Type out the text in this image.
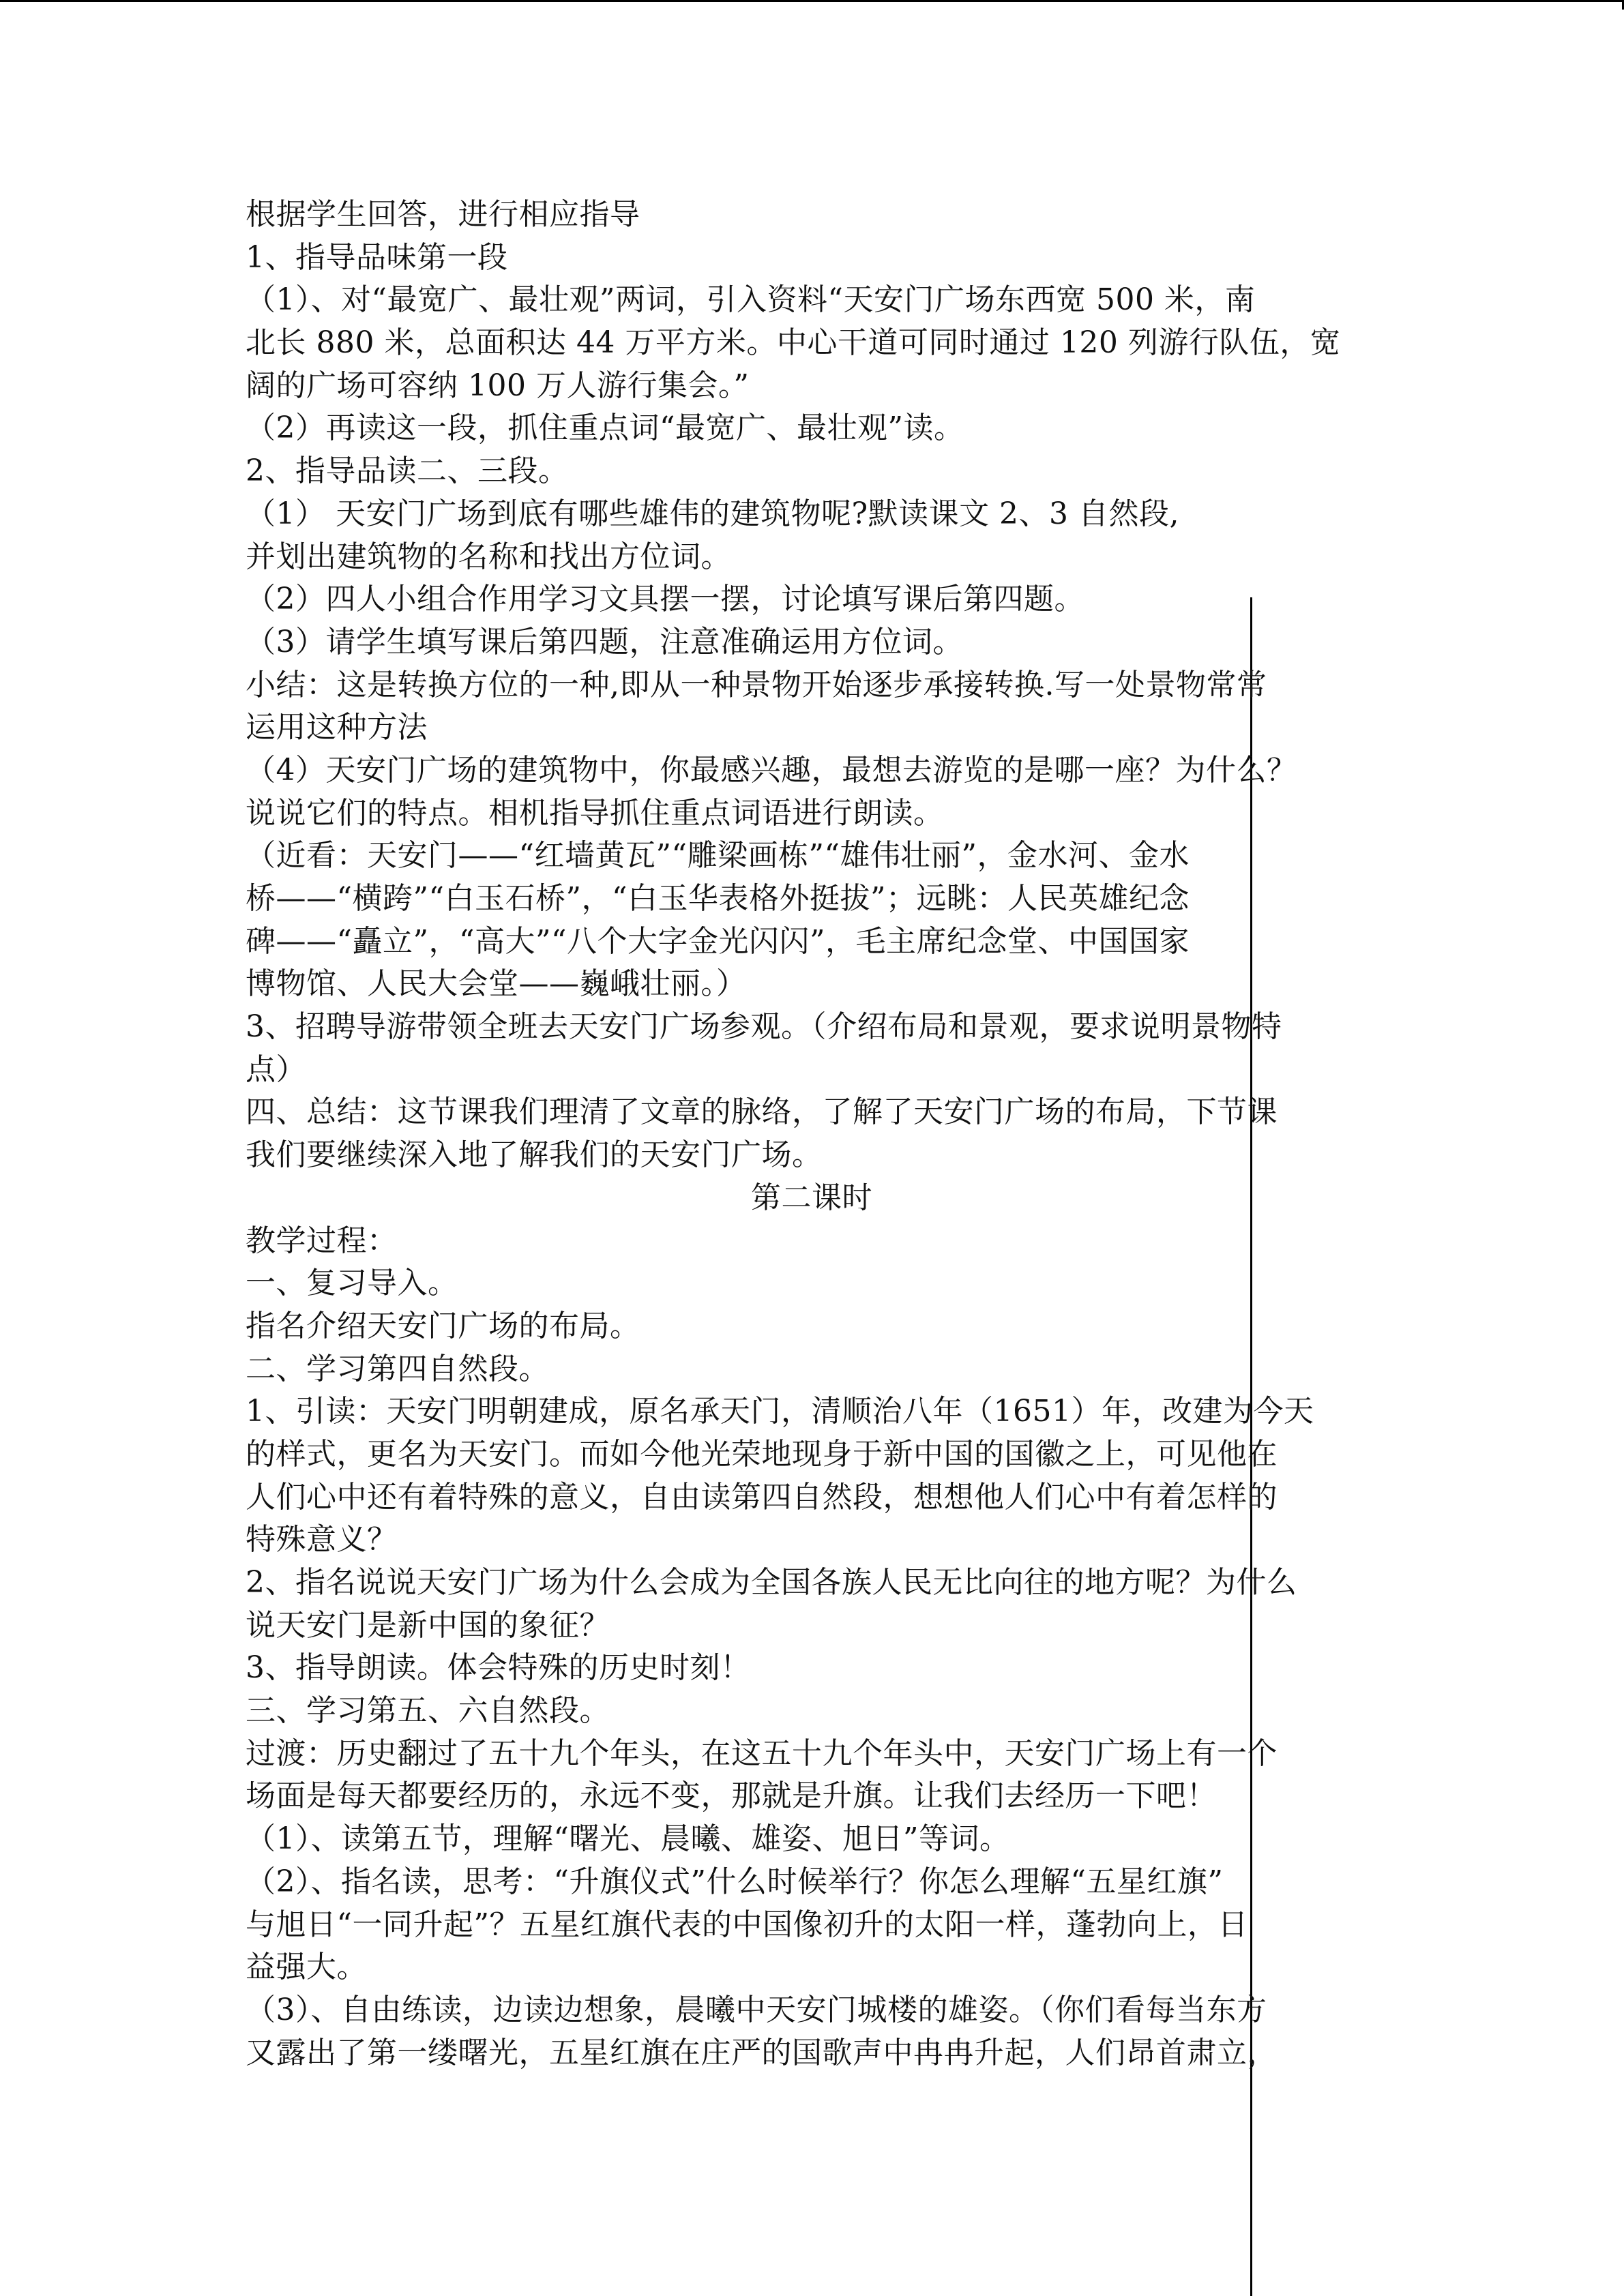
根据学生回答，进行相应指导
1、指导品味第一段
（1）、对“最宽广、最壮观”两词，引入资料“天安门广场东西宽 500 米，南
北长 880 米，总面积达 44 万平方米。中心干道可同时通过 120 列游行队伍，宽
阔的广场可容纳 100 万人游行集会。”
（2）再读这一段，抓住重点词“最宽广、最壮观”读。
2、指导品读二、三段。
（1） 天安门广场到底有哪些雄伟的建筑物呢?默读课文 2、3 自然段,
并划出建筑物的名称和找出方位词。
（2）四人小组合作用学习文具摆一摆，讨论填写课后第四题。
（3）请学生填写课后第四题，注意准确运用方位词。
小结：这是转换方位的一种,即从一种景物开始逐步承接转换.写一处景物常常
运用这种方法
（4）天安门广场的建筑物中，你最感兴趣，最想去游览的是哪一座？为什么？
说说它们的特点。相机指导抓住重点词语进行朗读。
（近看：天安门——“红墙黄瓦”“雕梁画栋”“雄伟壮丽”，金水河、金水
桥——“横跨”“白玉石桥”，“白玉华表格外挺拔”；远眺：人民英雄纪念
碑——“矗立”，“高大”“八个大字金光闪闪”，毛主席纪念堂、中国国家
博物馆、人民大会堂——巍峨壮丽。）
3、招聘导游带领全班去天安门广场参观。（介绍布局和景观，要求说明景物特
点）
四、总结：这节课我们理清了文章的脉络，了解了天安门广场的布局，下节课
我们要继续深入地了解我们的天安门广场。
第二课时
教学过程：
一、复习导入。
指名介绍天安门广场的布局。
二、学习第四自然段。
1、引读：天安门明朝建成，原名承天门，清顺治八年（1651）年，改建为今天
的样式，更名为天安门。而如今他光荣地现身于新中国的国徽之上，可见他在
人们心中还有着特殊的意义，自由读第四自然段，想想他人们心中有着怎样的
特殊意义？
2、指名说说天安门广场为什么会成为全国各族人民无比向往的地方呢？为什么
说天安门是新中国的象征？
3、指导朗读。体会特殊的历史时刻！
三、学习第五、六自然段。
过渡：历史翻过了五十九个年头，在这五十九个年头中，天安门广场上有一个
场面是每天都要经历的，永远不变，那就是升旗。让我们去经历一下吧！
（1）、读第五节，理解“曙光、晨曦、雄姿、旭日”等词。
（2）、指名读，思考：“升旗仪式”什么时候举行？你怎么理解“五星红旗”
与旭日“一同升起”？五星红旗代表的中国像初升的太阳一样，蓬勃向上，日
益强大。
（3）、自由练读，边读边想象，晨曦中天安门城楼的雄姿。（你们看每当东方
又露出了第一缕曙光，五星红旗在庄严的国歌声中冉冉升起，人们昂首肃立，
